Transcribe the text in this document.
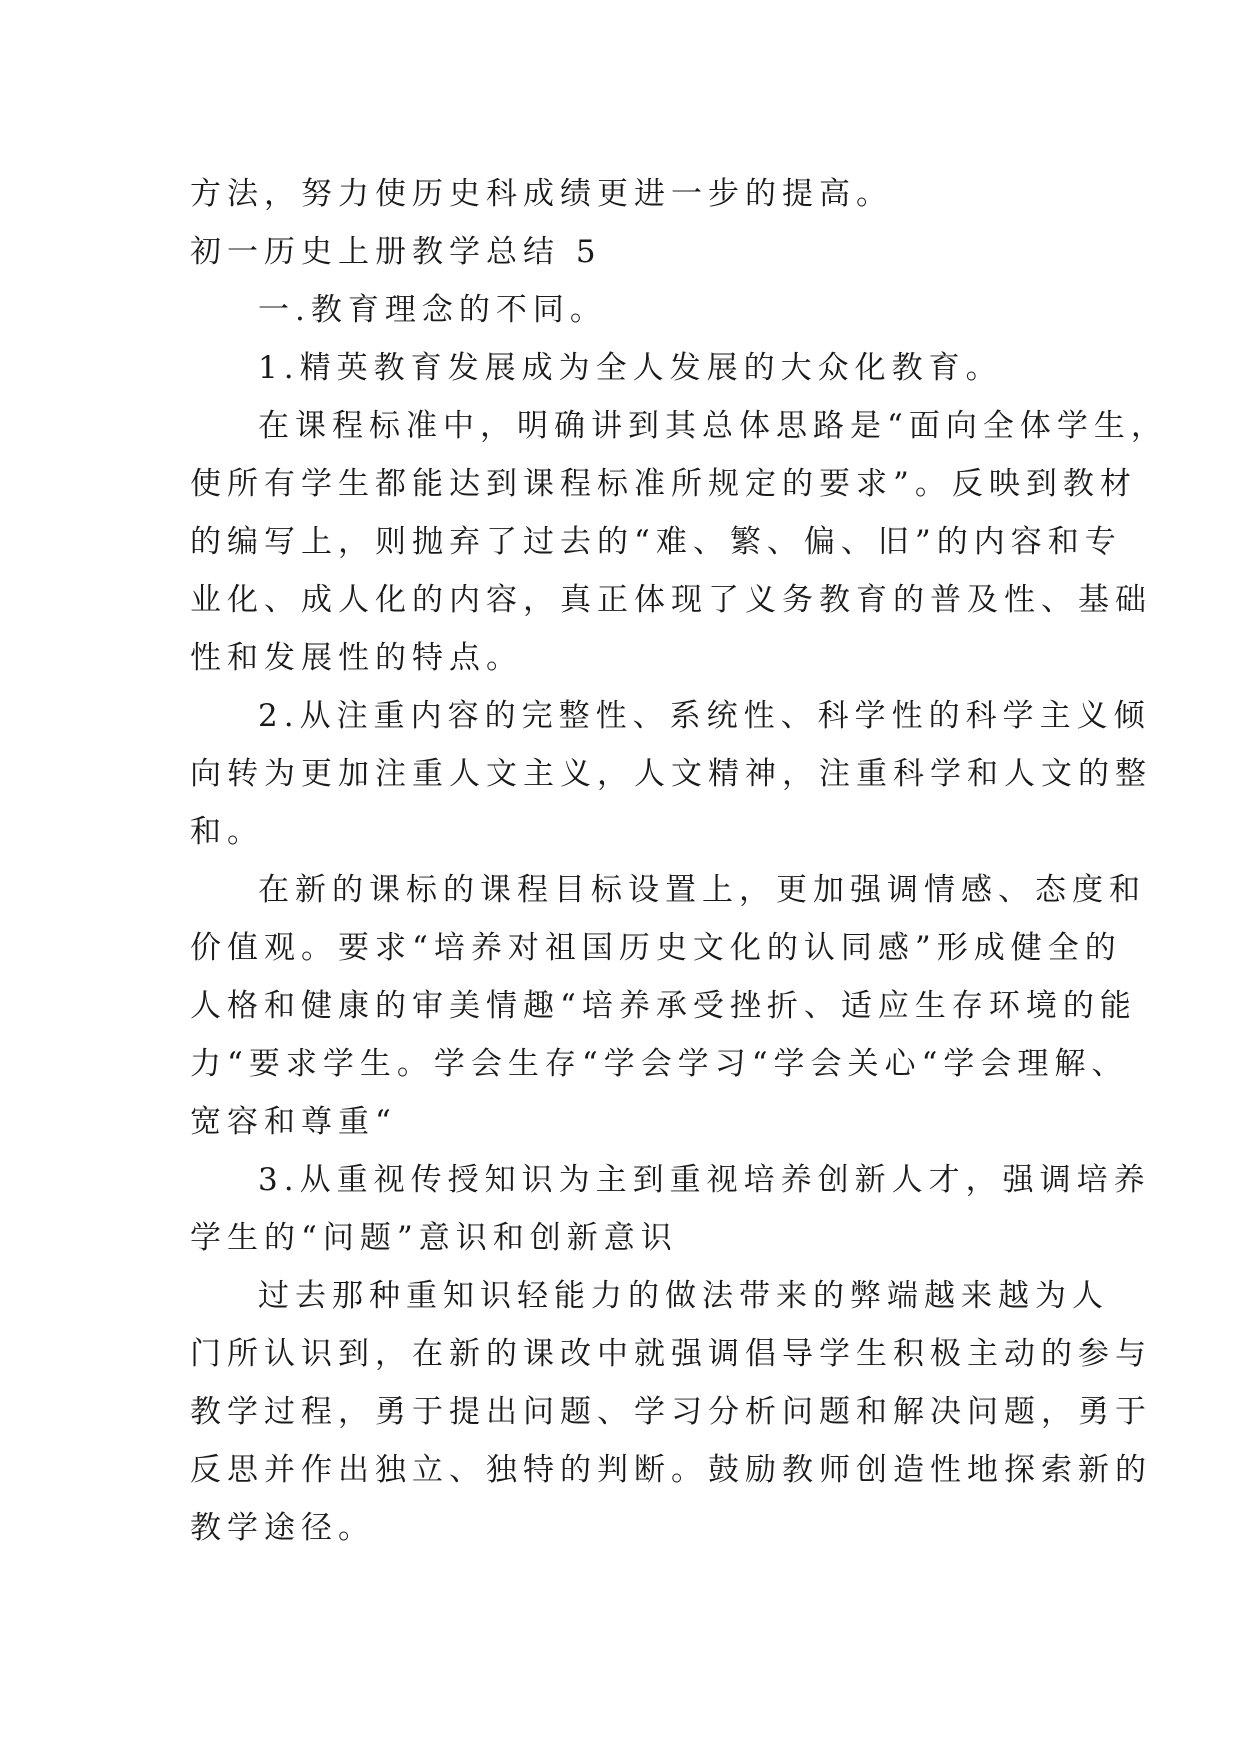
方法，努力使历史科成绩更进一步的提高。
初一历史上册教学总结 5
一.教育理念的不同。
1.精英教育发展成为全人发展的大众化教育。
在课程标准中，明确讲到其总体思路是“面向全体学生，
使所有学生都能达到课程标准所规定的要求”。反映到教材
的编写上，则抛弃了过去的“难、繁、偏、旧”的内容和专
业化、成人化的内容，真正体现了义务教育的普及性、基础
性和发展性的特点。
2.从注重内容的完整性、系统性、科学性的科学主义倾
向转为更加注重人文主义，人文精神，注重科学和人文的整
和。
在新的课标的课程目标设置上，更加强调情感、态度和
价值观。要求“培养对祖国历史文化的认同感”形成健全的
人格和健康的审美情趣“培养承受挫折、适应生存环境的能
力“要求学生。学会生存“学会学习“学会关心“学会理解、
宽容和尊重“
3.从重视传授知识为主到重视培养创新人才，强调培养
学生的“问题”意识和创新意识
过去那种重知识轻能力的做法带来的弊端越来越为人
门所认识到，在新的课改中就强调倡导学生积极主动的参与
教学过程，勇于提出问题、学习分析问题和解决问题，勇于
反思并作出独立、独特的判断。鼓励教师创造性地探索新的
教学途径。
